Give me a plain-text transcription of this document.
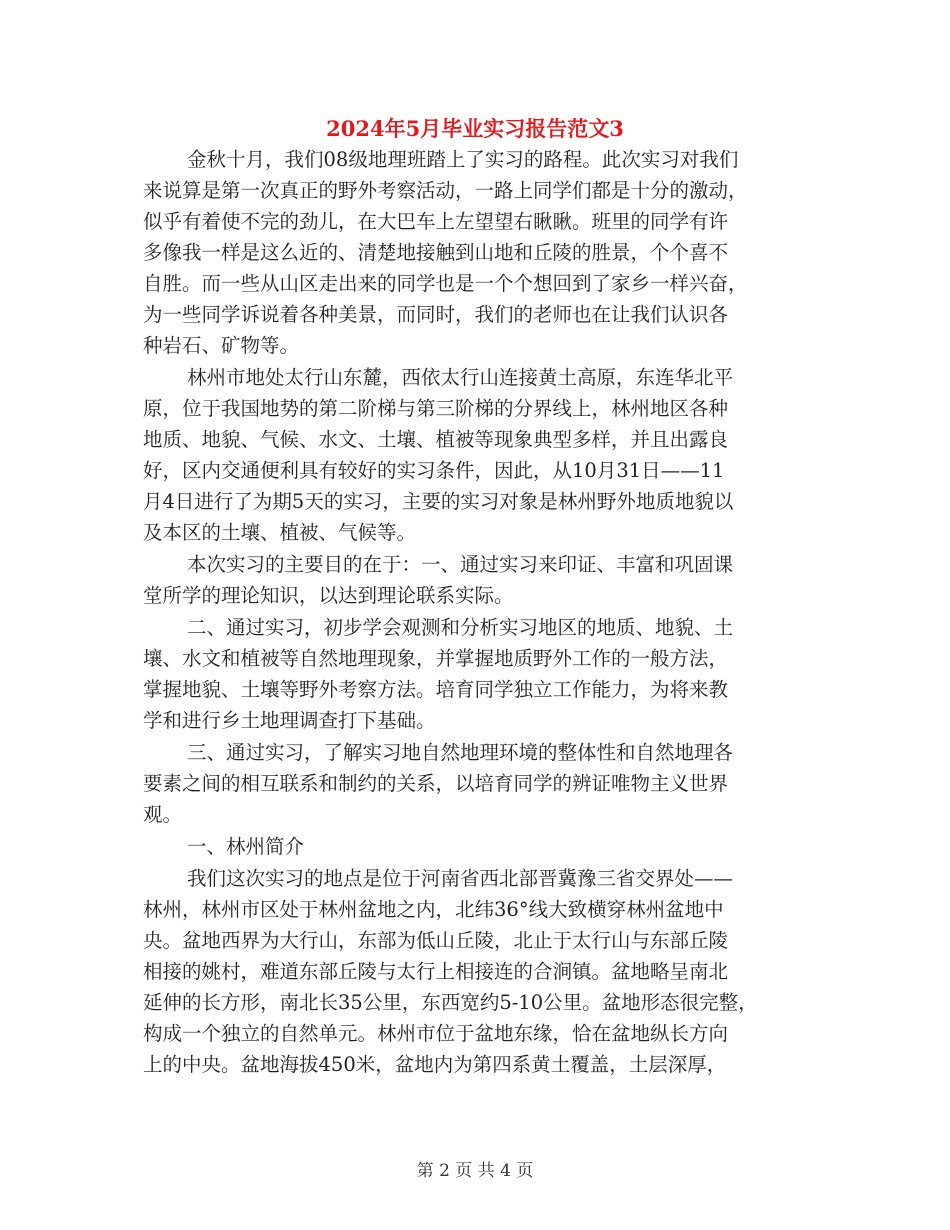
2024年5月毕业实习报告范文3
金秋十月，我们08级地理班踏上了实习的路程。此次实习对我们
来说算是第一次真正的野外考察活动，一路上同学们都是十分的激动，
似乎有着使不完的劲儿，在大巴车上左望望右瞅瞅。班里的同学有许
多像我一样是这么近的、清楚地接触到山地和丘陵的胜景，个个喜不
自胜。而一些从山区走出来的同学也是一个个想回到了家乡一样兴奋，
为一些同学诉说着各种美景，而同时，我们的老师也在让我们认识各
种岩石、矿物等。
林州市地处太行山东麓，西依太行山连接黄土高原，东连华北平
原，位于我国地势的第二阶梯与第三阶梯的分界线上，林州地区各种
地质、地貌、气候、水文、土壤、植被等现象典型多样，并且出露良
好，区内交通便利具有较好的实习条件，因此，从10月31日——11
月4日进行了为期5天的实习，主要的实习对象是林州野外地质地貌以
及本区的土壤、植被、气候等。
本次实习的主要目的在于：一、通过实习来印证、丰富和巩固课
堂所学的理论知识，以达到理论联系实际。
二、通过实习，初步学会观测和分析实习地区的地质、地貌、土
壤、水文和植被等自然地理现象，并掌握地质野外工作的一般方法，
掌握地貌、土壤等野外考察方法。培育同学独立工作能力，为将来教
学和进行乡土地理调查打下基础。
三、通过实习，了解实习地自然地理环境的整体性和自然地理各
要素之间的相互联系和制约的关系，以培育同学的辨证唯物主义世界
观。
一、林州简介
我们这次实习的地点是位于河南省西北部晋冀豫三省交界处——
林州，林州市区处于林州盆地之内，北纬36°线大致横穿林州盆地中
央。盆地西界为大行山，东部为低山丘陵，北止于太行山与东部丘陵
相接的姚村，难道东部丘陵与太行上相接连的合涧镇。盆地略呈南北
延伸的长方形，南北长35公里，东西宽约5-10公里。盆地形态很完整，
构成一个独立的自然单元。林州市位于盆地东缘，恰在盆地纵长方向
上的中央。盆地海拔450米，盆地内为第四系黄土覆盖，土层深厚，
第 2 页 共 4 页
